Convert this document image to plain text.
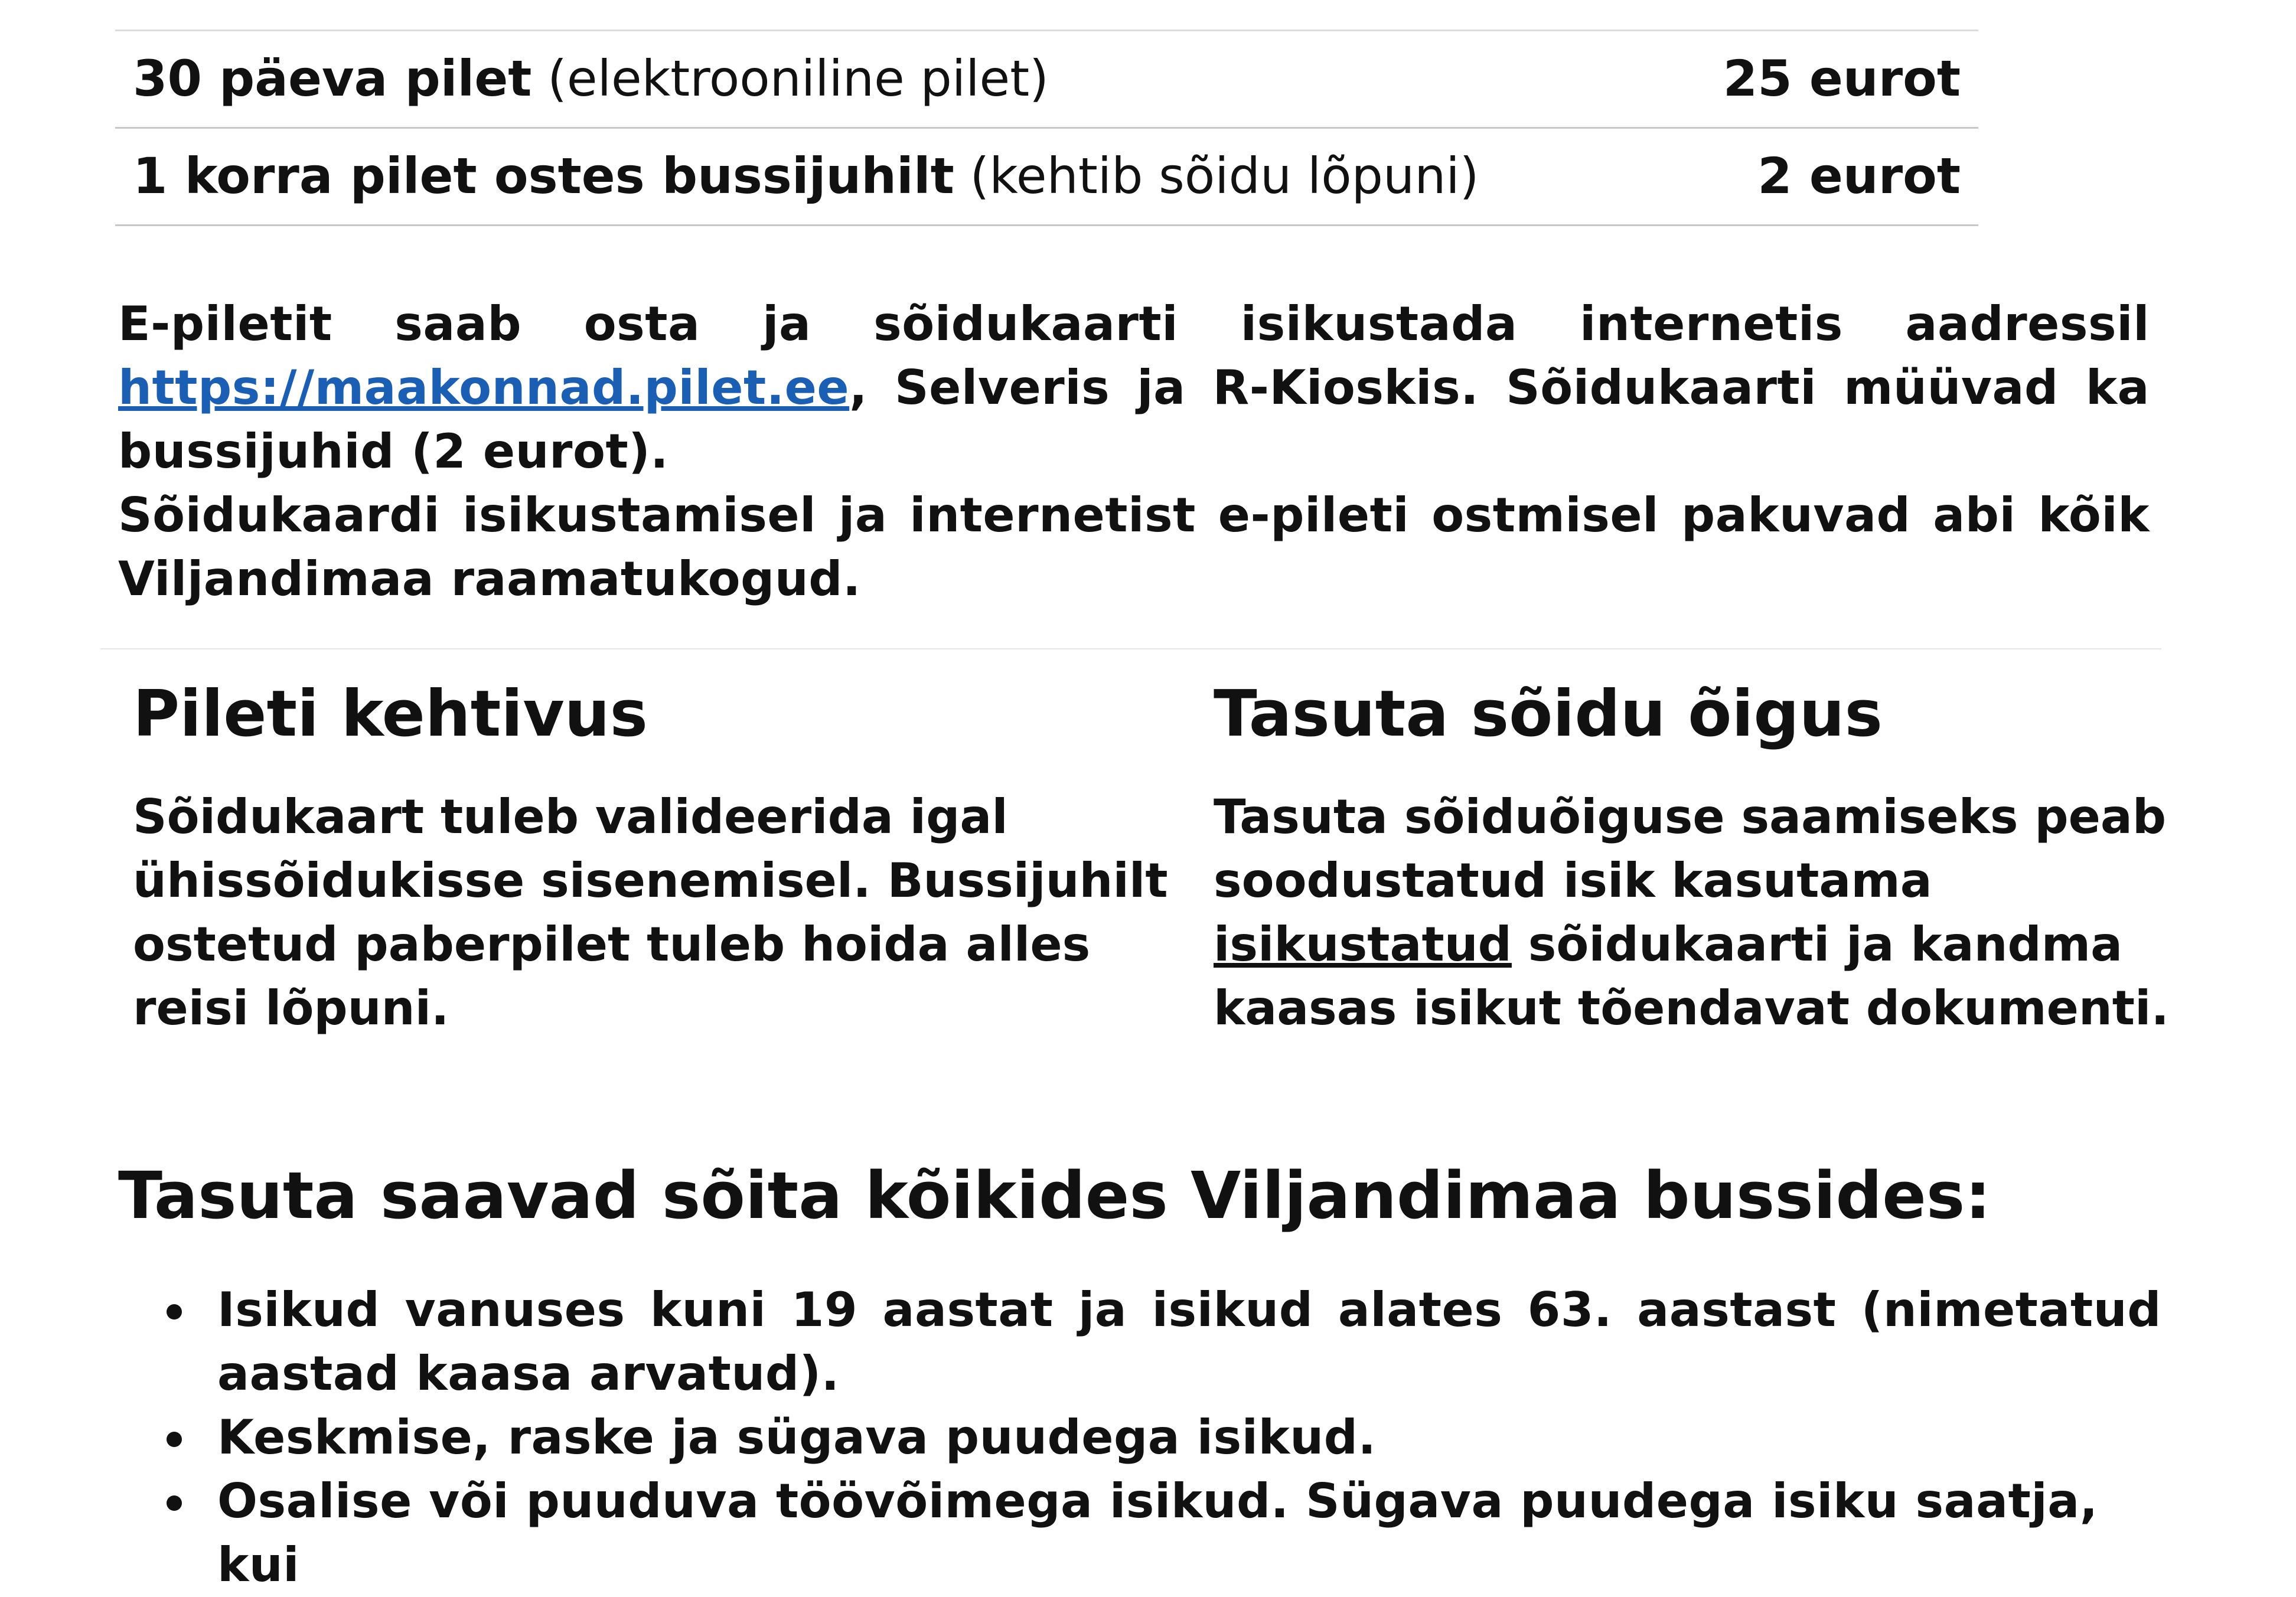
30 päeva pilet (elektrooniline pilet)	25 eurot
1 korra pilet ostes bussijuhilt (kehtib sõidu lõpuni)	2 eurot

E-piletit saab osta ja sõidukaarti isikustada internetis aadressil

https://maakonnad.pilet.ee, Selveris ja R-Kioskis. Sõidukaarti müüvad ka

bussijuhid (2 eurot).

Sõidukaardi isikustamisel ja internetist e-pileti ostmisel pakuvad abi kõik

Viljandimaa raamatukogud.

Pileti kehtivus

Sõidukaart tuleb valideerida igal ühissõidukisse sisenemisel. Bussijuhilt ostetud paberpilet tuleb hoida alles reisi lõpuni.

Tasuta sõidu õigus

Tasuta sõiduõiguse saamiseks peab soodustatud isik kasutama isikustatud sõidukaarti ja kandma kaasas isikut tõendavat dokumenti.

Tasuta saavad sõita kõikides Viljandimaa bussides:
Isikud vanuses kuni 19 aastat ja isikud alates 63. aastast (nimetatud aastad kaasa arvatud).
Keskmise, raske ja sügava puudega isikud.
Osalise või puuduva töövõimega isikud. Sügava puudega isiku saatja, kui
